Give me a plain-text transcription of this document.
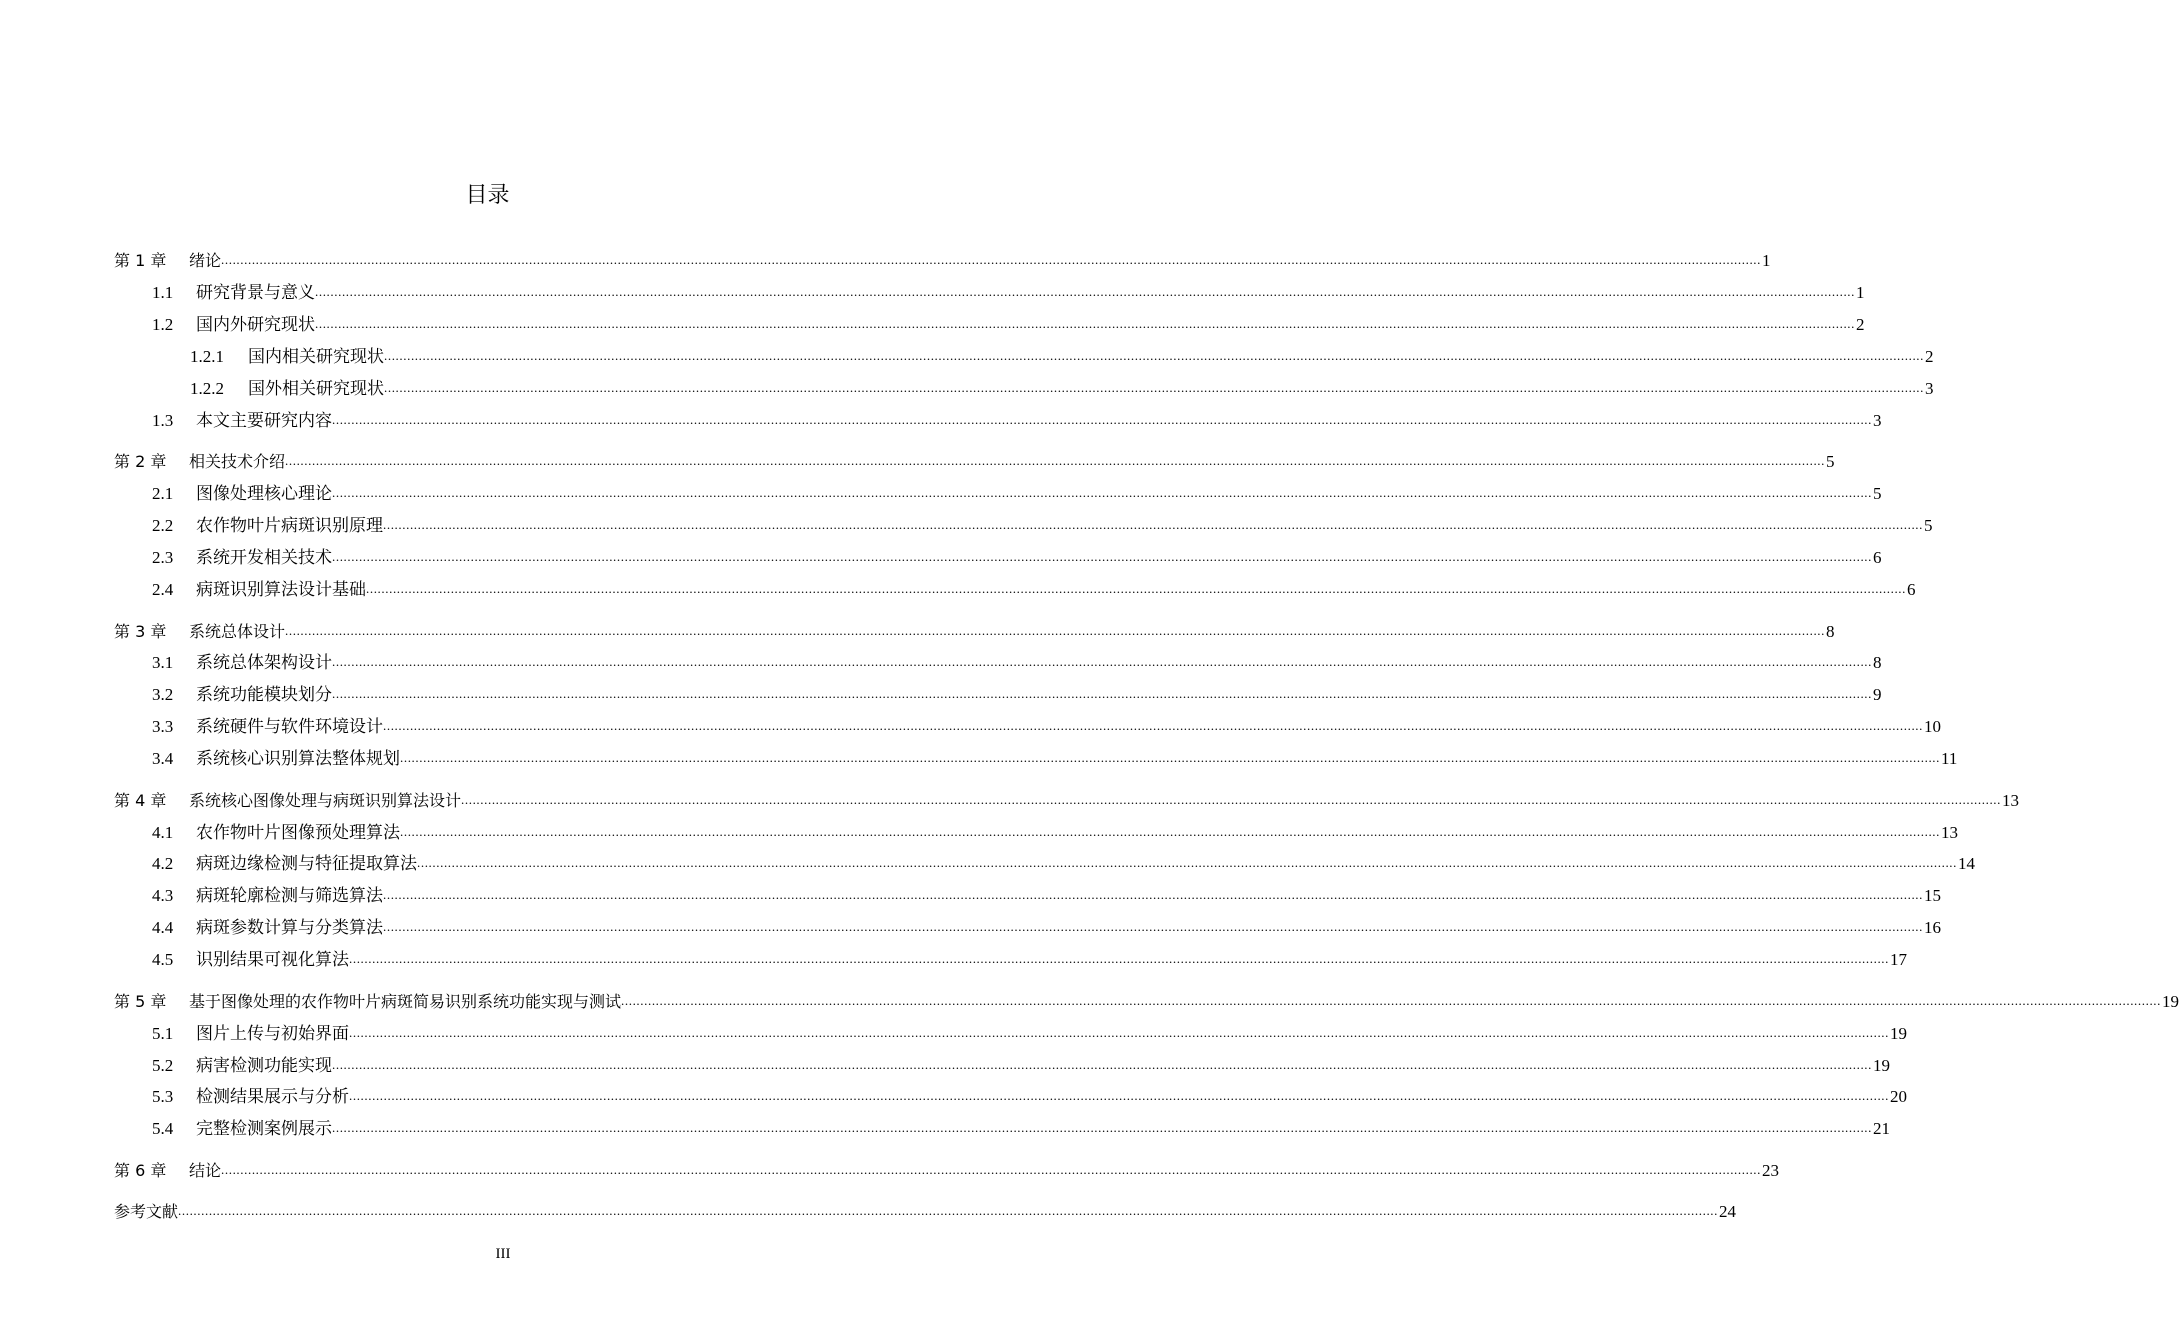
目录
第 1 章	绪论 ................................................................................................................................................................................................................................................................................................................................................................................................................ 1
1.1	研究背景与意义 ................................................................................................................................................................................................................................................................................................................................................................................................................ 1
1.2	国内外研究现状 ................................................................................................................................................................................................................................................................................................................................................................................................................ 2
1.2.1	国内相关研究现状 ................................................................................................................................................................................................................................................................................................................................................................................................................ 2
1.2.2	国外相关研究现状 ................................................................................................................................................................................................................................................................................................................................................................................................................ 3
1.3	本文主要研究内容 ................................................................................................................................................................................................................................................................................................................................................................................................................ 3
第 2 章	相关技术介绍 ................................................................................................................................................................................................................................................................................................................................................................................................................ 5
2.1	图像处理核心理论 ................................................................................................................................................................................................................................................................................................................................................................................................................ 5
2.2	农作物叶片病斑识别原理 ................................................................................................................................................................................................................................................................................................................................................................................................................ 5
2.3	系统开发相关技术 ................................................................................................................................................................................................................................................................................................................................................................................................................ 6
2.4	病斑识别算法设计基础 ................................................................................................................................................................................................................................................................................................................................................................................................................ 6
第 3 章	系统总体设计 ................................................................................................................................................................................................................................................................................................................................................................................................................ 8
3.1	系统总体架构设计 ................................................................................................................................................................................................................................................................................................................................................................................................................ 8
3.2	系统功能模块划分 ................................................................................................................................................................................................................................................................................................................................................................................................................ 9
3.3	系统硬件与软件环境设计 ................................................................................................................................................................................................................................................................................................................................................................................................................ 10
3.4	系统核心识别算法整体规划 ................................................................................................................................................................................................................................................................................................................................................................................................................ 11
第 4 章	系统核心图像处理与病斑识别算法设计 ................................................................................................................................................................................................................................................................................................................................................................................................................ 13
4.1	农作物叶片图像预处理算法 ................................................................................................................................................................................................................................................................................................................................................................................................................ 13
4.2	病斑边缘检测与特征提取算法 ................................................................................................................................................................................................................................................................................................................................................................................................................ 14
4.3	病斑轮廓检测与筛选算法 ................................................................................................................................................................................................................................................................................................................................................................................................................ 15
4.4	病斑参数计算与分类算法 ................................................................................................................................................................................................................................................................................................................................................................................................................ 16
4.5	识别结果可视化算法 ................................................................................................................................................................................................................................................................................................................................................................................................................ 17
第 5 章	基于图像处理的农作物叶片病斑简易识别系统功能实现与测试 ................................................................................................................................................................................................................................................................................................................................................................................................................ 19
5.1	图片上传与初始界面 ................................................................................................................................................................................................................................................................................................................................................................................................................ 19
5.2	病害检测功能实现 ................................................................................................................................................................................................................................................................................................................................................................................................................ 19
5.3	检测结果展示与分析 ................................................................................................................................................................................................................................................................................................................................................................................................................ 20
5.4	完整检测案例展示 ................................................................................................................................................................................................................................................................................................................................................................................................................ 21
第 6 章	结论 ................................................................................................................................................................................................................................................................................................................................................................................................................ 23
参考文献 ................................................................................................................................................................................................................................................................................................................................................................................................................ 24
III
